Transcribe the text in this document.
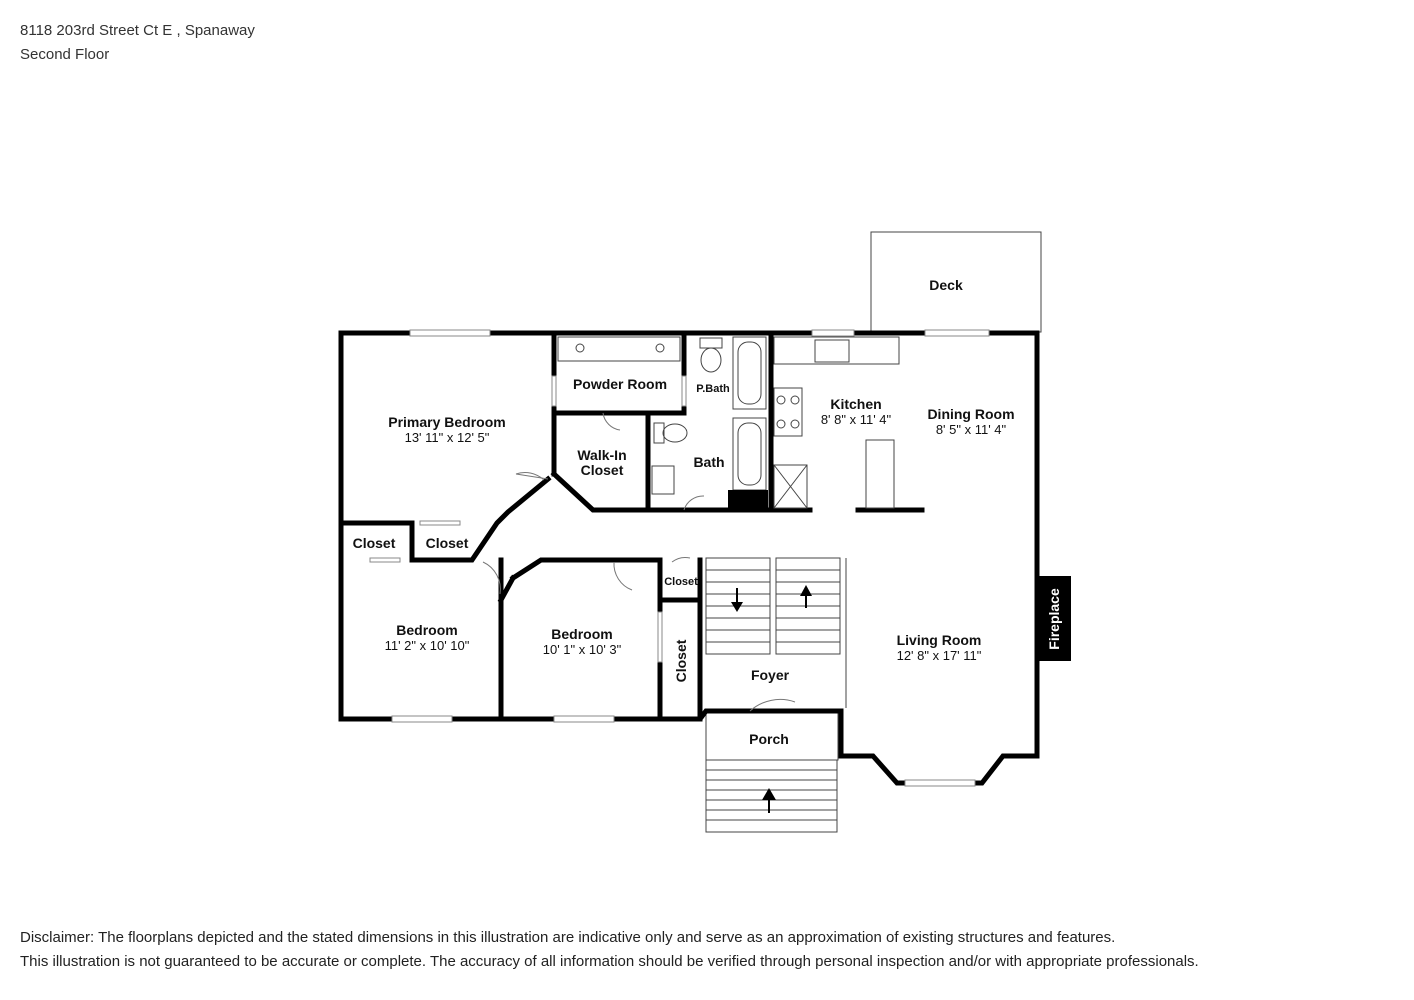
8118 203rd Street Ct E , Spanaway
Second Floor
Deck
Primary Bedroom
13' 11" x 12' 5"
Powder Room	P.Bath
Kitchen
8' 8" x 11' 4"	Dining Room
8' 5" x 11' 4"
Walk-In
Closet	Bath
Closet Closet
Closet
Closet
Bedroom
11' 2" x 10' 10"
Bedroom
10' 1" x 10' 3"
Foyer
Living Room
12' 8" x 17' 11"
Fireplace
Porch
Disclaimer: The floorplans depicted and the stated dimensions in this illustration are indicative only and serve as an approximation of existing structures and features.
This illustration is not guaranteed to be accurate or complete. The accuracy of all information should be verified through personal inspection and/or with appropriate professionals.
